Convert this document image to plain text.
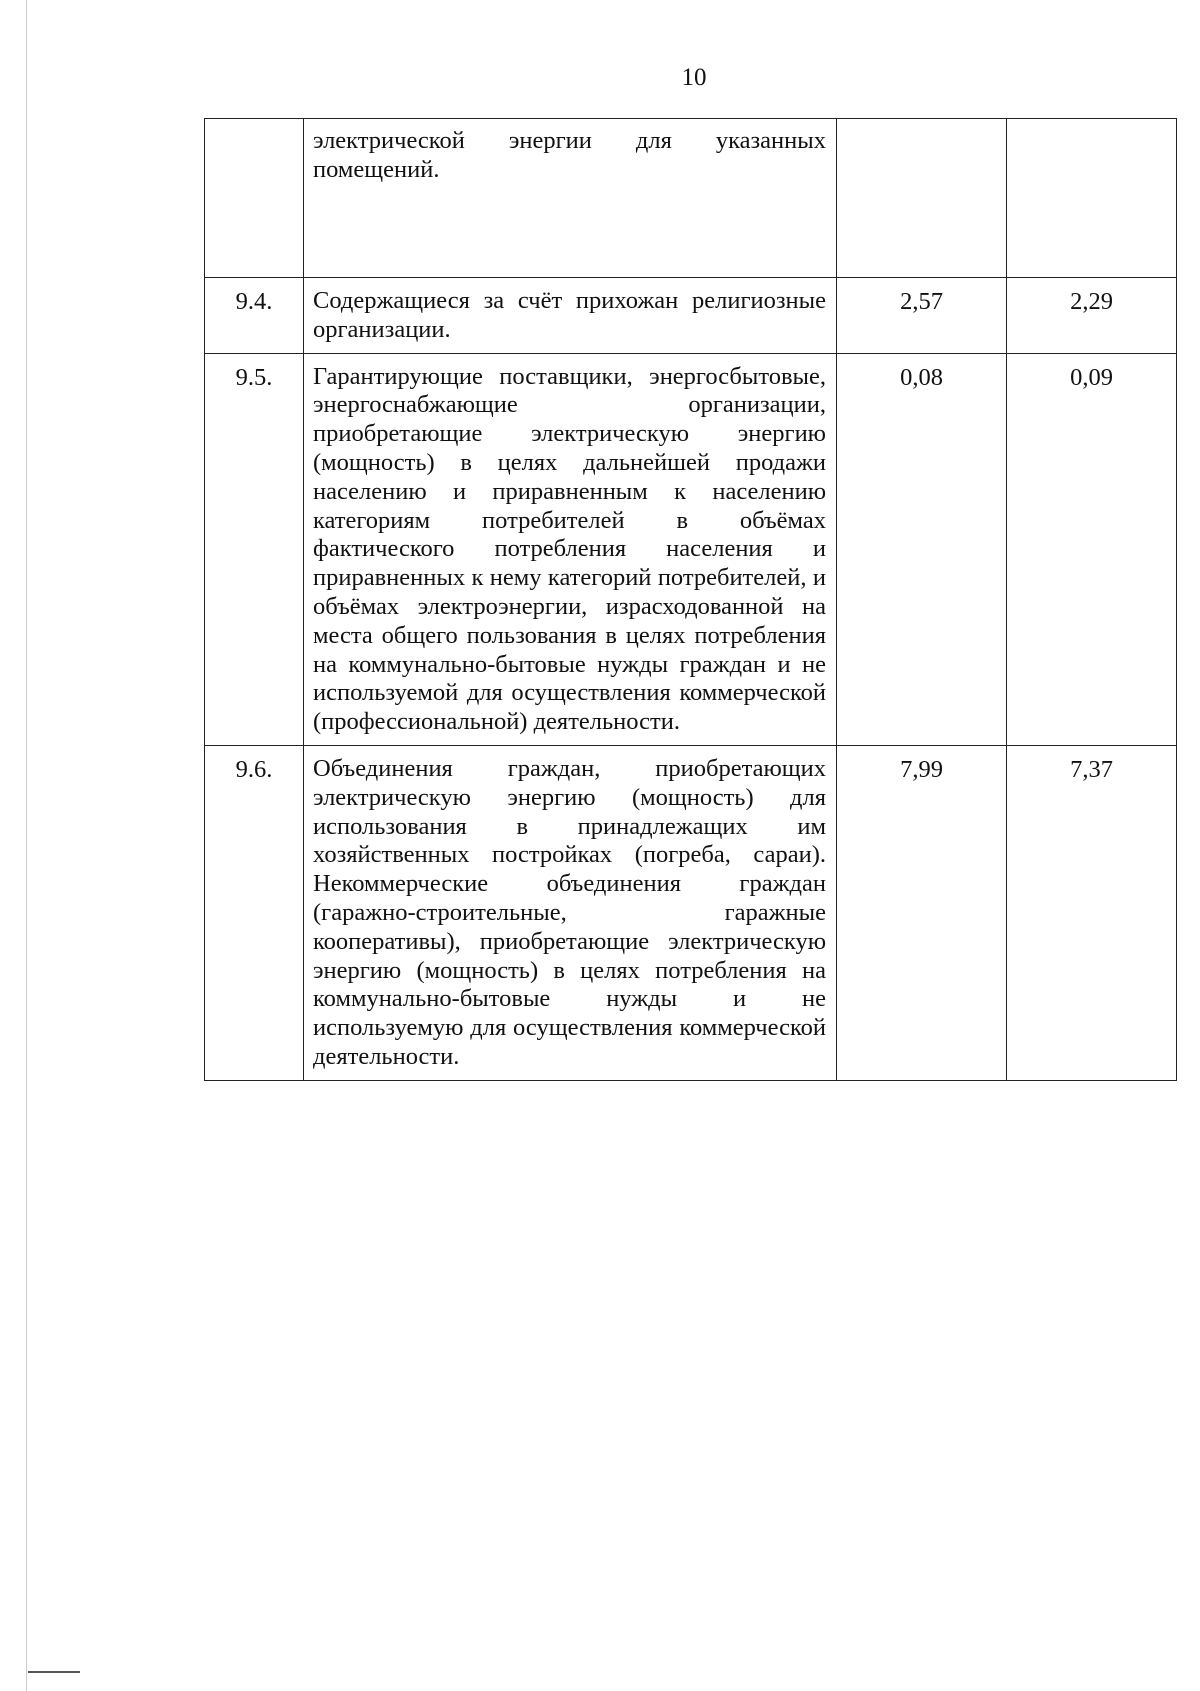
10

	электрической энергии для указанных помещений.		

9.4.	Содержащиеся за счёт прихожан религиозные организации.	2,57	2,29
9.5.	Гарантирующие поставщики, энергосбытовые, энергоснабжающие организации, приобретающие электрическую энергию (мощность) в целях дальнейшей продажи населению и приравненным к населению категориям потребителей в объёмах фактического потребления населения и приравненных к нему категорий потребителей, и объёмах электроэнергии, израсходованной на места общего пользования в целях потребления на коммунально-бытовые нужды граждан и не используемой для осуществления коммерческой (профессиональной) деятельности.	0,08	0,09
9.6.	Объединения граждан, приобретающих электрическую энергию (мощность) для использования в принадлежащих им хозяйственных постройках (погреба, сараи). Некоммерческие объединения граждан (гаражно-строительные, гаражные кооперативы), приобретающие электрическую энергию (мощность) в целях потребления на коммунально-бытовые нужды и не используемую для осуществления коммерческой деятельности.	7,99	7,37
